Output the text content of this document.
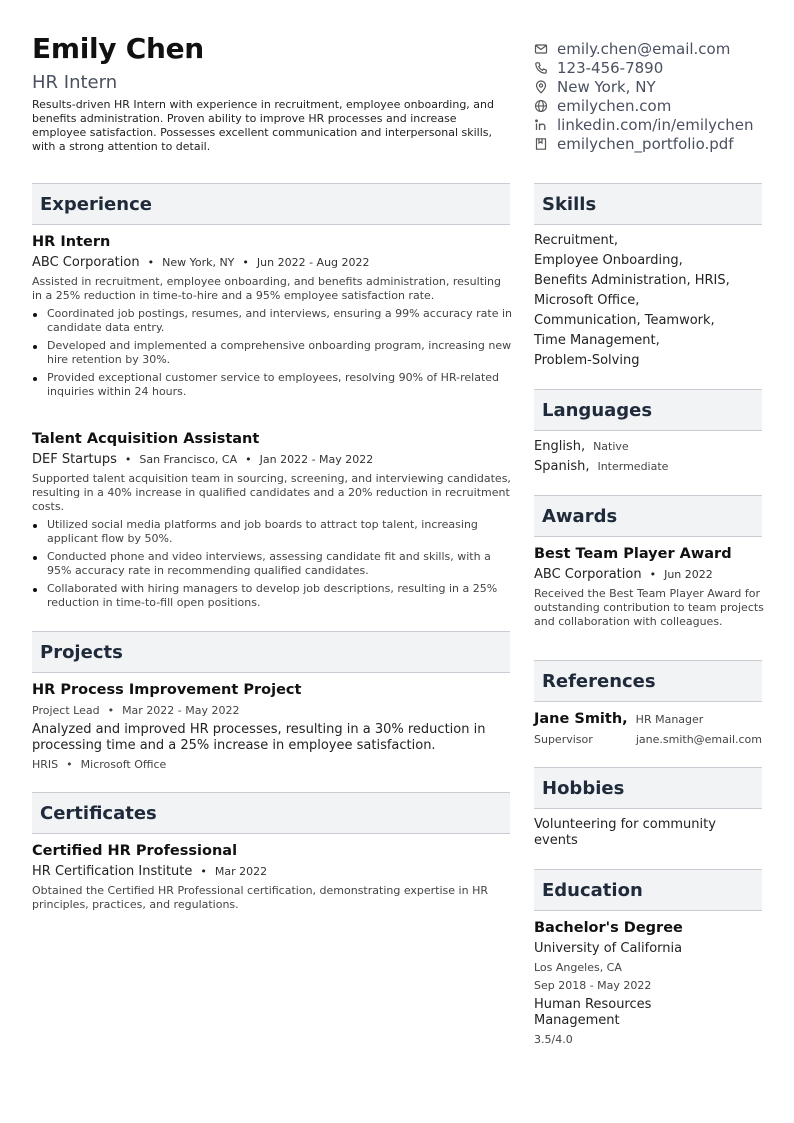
Emily Chen
HR Intern
Results-driven HR Intern with experience in recruitment, employee onboarding, and benefits administration. Proven ability to improve HR processes and increase employee satisfaction. Possesses excellent communication and interpersonal skills, with a strong attention to detail.
emily.chen@email.com
123-456-7890
New York, NY
emilychen.com
linkedin.com/in/emilychen
emilychen_portfolio.pdf
Experience
HR Intern
ABC Corporation • New York, NY • Jun 2022 - Aug 2022
Assisted in recruitment, employee onboarding, and benefits administration, resulting in a 25% reduction in time-to-hire and a 95% employee satisfaction rate.
Coordinated job postings, resumes, and interviews, ensuring a 99% accuracy rate in candidate data entry.
Developed and implemented a comprehensive onboarding program, increasing new hire retention by 30%.
Provided exceptional customer service to employees, resolving 90% of HR-related inquiries within 24 hours.
Talent Acquisition Assistant
DEF Startups • San Francisco, CA • Jan 2022 - May 2022
Supported talent acquisition team in sourcing, screening, and interviewing candidates, resulting in a 40% increase in qualified candidates and a 20% reduction in recruitment costs.
Utilized social media platforms and job boards to attract top talent, increasing applicant flow by 50%.
Conducted phone and video interviews, assessing candidate fit and skills, with a 95% accuracy rate in recommending qualified candidates.
Collaborated with hiring managers to develop job descriptions, resulting in a 25% reduction in time-to-fill open positions.
Projects
HR Process Improvement Project
Project Lead • Mar 2022 - May 2022
Analyzed and improved HR processes, resulting in a 30% reduction in processing time and a 25% increase in employee satisfaction.
HRIS • Microsoft Office
Certificates
Certified HR Professional
HR Certification Institute • Mar 2022
Obtained the Certified HR Professional certification, demonstrating expertise in HR principles, practices, and regulations.
Skills
Recruitment,
Employee Onboarding,
Benefits Administration, HRIS,
Microsoft Office,
Communication, Teamwork,
Time Management,
Problem-Solving
Languages
English, Native
Spanish, Intermediate
Awards
Best Team Player Award
ABC Corporation • Jun 2022
Received the Best Team Player Award for outstanding contribution to team projects and collaboration with colleagues.
References
Jane Smith, HR Manager
Supervisor	jane.smith@email.com
Hobbies
Volunteering for community events
Education
Bachelor's Degree
University of California
Los Angeles, CA
Sep 2018 - May 2022
Human Resources Management
3.5/4.0
